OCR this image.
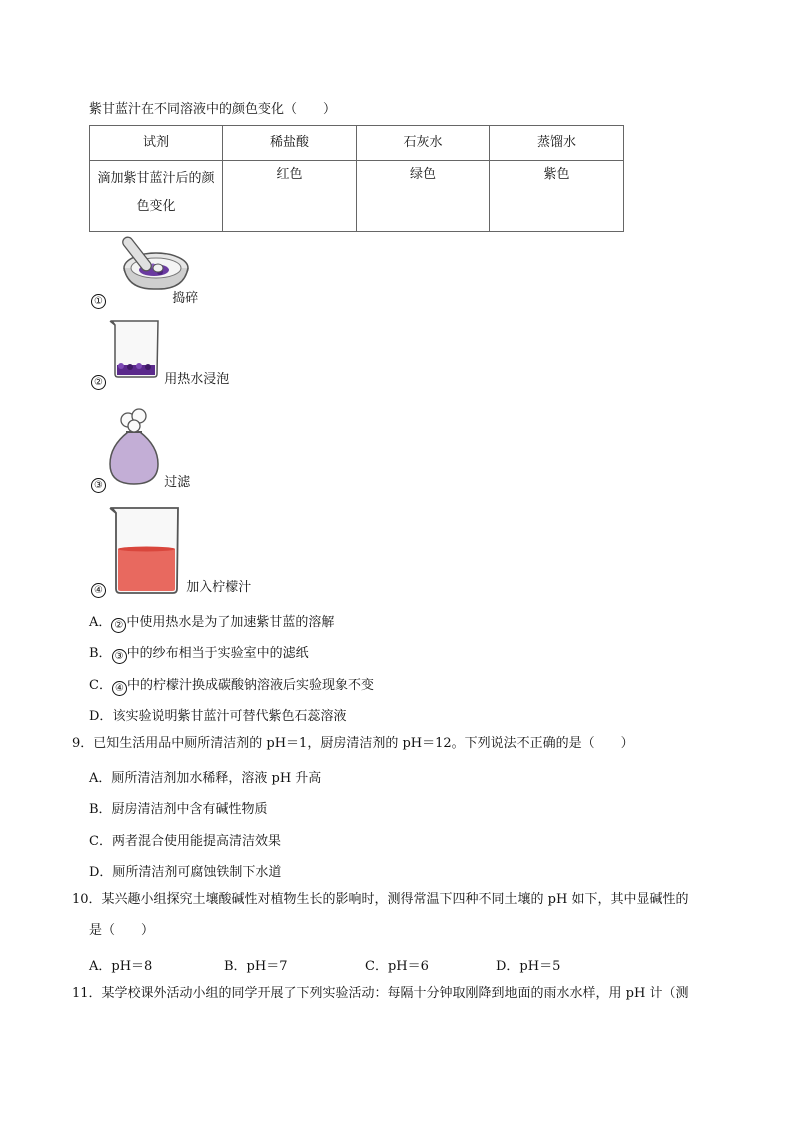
紫甘蓝汁在不同溶液中的颜色变化（　　）
试剂	稀盐酸	石灰水	蒸馏水

滴加紫甘蓝汁后的颜
色变化	红色	绿色	紫色
①	捣碎
②	用热水浸泡
③	过滤
④	加入柠檬汁
A． ② 中使用热水是为了加速紫甘蓝的溶解
B． ③ 中的纱布相当于实验室中的滤纸
C． ④ 中的柠檬汁换成碳酸钠溶液后实验现象不变
D．该实验说明紫甘蓝汁可替代紫色石蕊溶液
9．已知生活用品中厕所清洁剂的 pH＝1，厨房清洁剂的 pH＝12。下列说法不正确的是（　　）
A．厕所清洁剂加水稀释，溶液 pH 升高
B．厨房清洁剂中含有碱性物质
C．两者混合使用能提高清洁效果
D．厕所清洁剂可腐蚀铁制下水道
10．某兴趣小组探究土壤酸碱性对植物生长的影响时，测得常温下四种不同土壤的 pH 如下，其中显碱性的
是（　　）
A．pH＝8	B．pH＝7	C．pH＝6	D．pH＝5
11．某学校课外活动小组的同学开展了下列实验活动：每隔十分钟取刚降到地面的雨水水样，用 pH 计（测
